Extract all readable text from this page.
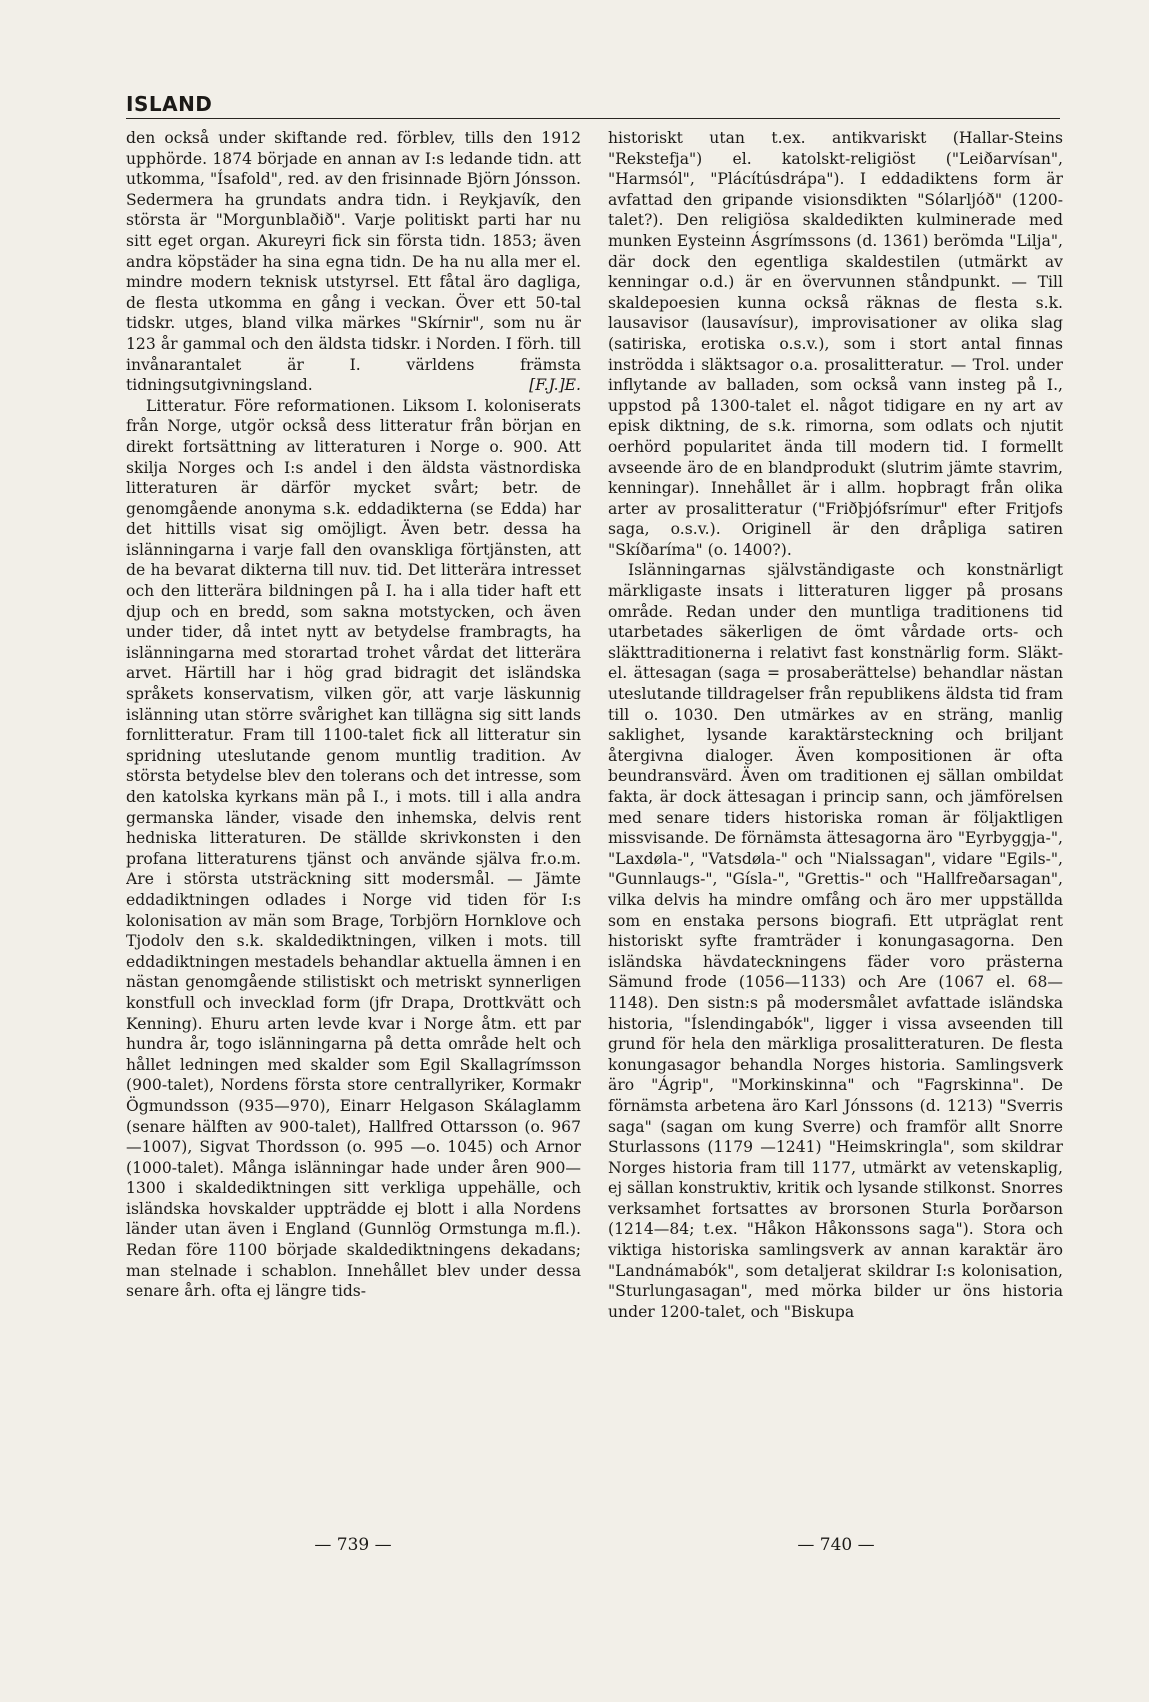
ISLAND

den också under skiftande red. förblev, tills den 1912 upphörde. 1874 började en annan av I:s ledande tidn. att utkomma, "Ísafold", red. av den frisinnade Björn Jónsson. Sedermera ha grundats andra tidn. i Reykjavík, den största är "Morgunblaðið". Varje politiskt parti har nu sitt eget organ. Akureyri fick sin första tidn. 1853; även andra köpstäder ha sina egna tidn. De ha nu alla mer el. mindre modern teknisk utstyrsel. Ett fåtal äro dagliga, de flesta utkomma en gång i veckan. Över ett 50-tal tidskr. utges, bland vilka märkes "Skírnir", som nu är 123 år gammal och den äldsta tidskr. i Norden. I förh. till invånarantalet är I. världens främsta tidningsutgivningsland.	[F.J.]E.

Litteratur. Före reformationen. Liksom I. koloniserats från Norge, utgör också dess litteratur från början en direkt fortsättning av litteraturen i Norge o. 900. Att skilja Norges och I:s andel i den äldsta västnordiska litteraturen är därför mycket svårt; betr. de genomgående anonyma s.k. eddadikterna (se Edda) har det hittills visat sig omöjligt. Även betr. dessa ha islänningarna i varje fall den ovanskliga förtjänsten, att de ha bevarat dikterna till nuv. tid. Det litterära intresset och den litterära bildningen på I. ha i alla tider haft ett djup och en bredd, som sakna motstycken, och även under tider, då intet nytt av betydelse frambragts, ha islänningarna med storartad trohet vårdat det litterära arvet. Härtill har i hög grad bidragit det isländska språkets konservatism, vilken gör, att varje läskunnig islänning utan större svårighet kan tillägna sig sitt lands fornlitteratur. Fram till 1100-talet fick all litteratur sin spridning uteslutande genom muntlig tradition. Av största betydelse blev den tolerans och det intresse, som den katolska kyrkans män på I., i mots. till i alla andra germanska länder, visade den inhemska, delvis rent hedniska litteraturen. De ställde skrivkonsten i den profana litteraturens tjänst och använde själva fr.o.m. Are i största utsträckning sitt modersmål. — Jämte eddadiktningen odlades i Norge vid tiden för I:s kolonisation av män som Brage, Torbjörn Hornklove och Tjodolv den s.k. skaldediktningen, vilken i mots. till eddadiktningen mestadels behandlar aktuella ämnen i en nästan genomgående stilistiskt och metriskt synnerligen konstfull och invecklad form (jfr Drapa, Drottkvätt och Kenning). Ehuru arten levde kvar i Norge åtm. ett par hundra år, togo islänningarna på detta område helt och hållet ledningen med skalder som Egil Skallagrímsson (900-talet), Nordens första store centrallyriker, Kormakr Ögmundsson (935—970), Einarr Helgason Skálaglamm (senare hälften av 900-talet), Hallfred Ottarsson (o. 967—1007), Sigvat Thordsson (o. 995 —o. 1045) och Arnor (1000-talet). Många islänningar hade under åren 900—1300 i skaldediktningen sitt verkliga uppehälle, och isländska hovskalder uppträdde ej blott i alla Nordens länder utan även i England (Gunnlög Ormstunga m.fl.). Redan före 1100 började skaldediktningens dekadans; man stelnade i schablon. Innehållet blev under dessa senare årh. ofta ej längre tids-

historiskt utan t.ex. antikvariskt (Hallar-Steins "Rekstefja") el. katolskt-religiöst ("Leiðarvísan", "Harmsól", "Plácítúsdrápa"). I eddadiktens form är avfattad den gripande visionsdikten "Sólarljóð" (1200-talet?). Den religiösa skaldedikten kulminerade med munken Eysteinn Ásgrímssons (d. 1361) berömda "Lilja", där dock den egentliga skaldestilen (utmärkt av kenningar o.d.) är en övervunnen ståndpunkt. — Till skaldepoesien kunna också räknas de flesta s.k. lausavisor (lausavísur), improvisationer av olika slag (satiriska, erotiska o.s.v.), som i stort antal finnas inströdda i släktsagor o.a. prosalitteratur. — Trol. under inflytande av balladen, som också vann insteg på I., uppstod på 1300-talet el. något tidigare en ny art av episk diktning, de s.k. rimorna, som odlats och njutit oerhörd popularitet ända till modern tid. I formellt avseende äro de en blandprodukt (slutrim jämte stavrim, kenningar). Innehållet är i allm. hopbragt från olika arter av prosalitteratur ("Friðþjófsrímur" efter Fritjofs saga, o.s.v.). Originell är den dråpliga satiren "Skíðaríma" (o. 1400?).

Islänningarnas självständigaste och konstnärligt märkligaste insats i litteraturen ligger på prosans område. Redan under den muntliga traditionens tid utarbetades säkerligen de ömt vårdade orts- och släkttraditionerna i relativt fast konstnärlig form. Släkt- el. ättesagan (saga = prosaberättelse) behandlar nästan uteslutande tilldragelser från republikens äldsta tid fram till o. 1030. Den utmärkes av en sträng, manlig saklighet, lysande karaktärsteckning och briljant återgivna dialoger. Även kompositionen är ofta beundransvärd. Även om traditionen ej sällan ombildat fakta, är dock ättesagan i princip sann, och jämförelsen med senare tiders historiska roman är följaktligen missvisande. De förnämsta ättesagorna äro "Eyrbyggja-", "Laxdøla-", "Vatsdøla-" och "Nialssagan", vidare "Egils-", "Gunnlaugs-", "Gísla-", "Grettis-" och "Hallfreðarsagan", vilka delvis ha mindre omfång och äro mer uppställda som en enstaka persons biografi. Ett utpräglat rent historiskt syfte framträder i konungasagorna. Den isländska hävdateckningens fäder voro prästerna Sämund frode (1056—1133) och Are (1067 el. 68—1148). Den sistn:s på modersmålet avfattade isländska historia, "Íslendingabók", ligger i vissa avseenden till grund för hela den märkliga prosalitteraturen. De flesta konungasagor behandla Norges historia. Samlingsverk äro "Ágrip", "Morkinskinna" och "Fagrskinna". De förnämsta arbetena äro Karl Jónssons (d. 1213) "Sverris saga" (sagan om kung Sverre) och framför allt Snorre Sturlassons (1179 —1241) "Heimskringla", som skildrar Norges historia fram till 1177, utmärkt av vetenskaplig, ej sällan konstruktiv, kritik och lysande stilkonst. Snorres verksamhet fortsattes av brorsonen Sturla Þorðarson (1214—84; t.ex. "Håkon Håkonssons saga"). Stora och viktiga historiska samlingsverk av annan karaktär äro "Landnámabók", som detaljerat skildrar I:s kolonisation, "Sturlungasagan", med mörka bilder ur öns historia under 1200-talet, och "Biskupa

— 739 —	— 740 —
